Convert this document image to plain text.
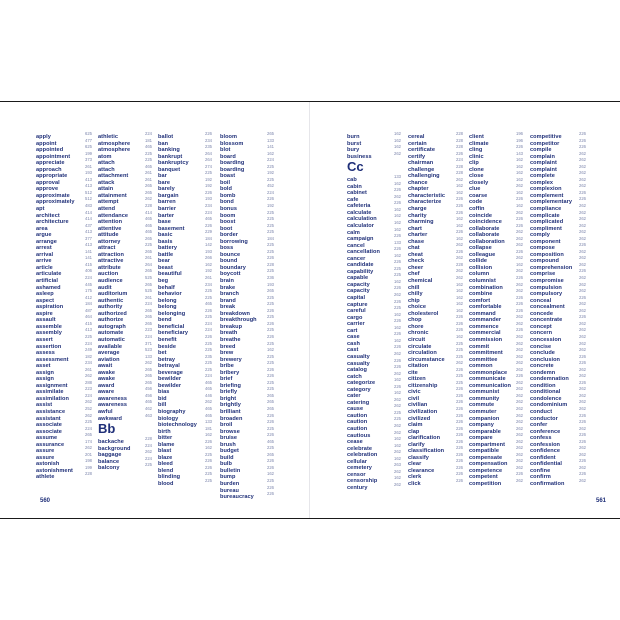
apply
625
appoint
477
appointed
625
appointment
199
appreciate
373
approach
261
appropriate
193
approval
413
approve
413
approximate
512
approximately
512
apt
483
architect
414
architecture
414
area
437
argue
413
arrange
377
arrest
413
arrival
141
arrive
141
article
415
articulate
406
artificial
224
ashamed
445
asleep
175
aspect
412
aspiration
184
aspire
487
assault
464
assemble
415
assembly
413
assert
225
assertion
224
assess
249
assessment
182
asset
234
assign
261
assign
262
assignment
288
assimilate
223
assimilation
224
assist
262
assistance
252
assistant
262
associate
225
associate
224
assume
265
assurance
174
assure
262
assure
201
astonish
198
astonishment
199
athlete
228
athletic
224
atmosphere
181
atmosphere
465
atom
225
attach
225
attach
465
attachment
261
attack
261
attain
265
attainment
265
attempt
262
attend
228
attendance
414
attention
465
attentive
465
attitude
465
attorney
265
attract
225
attraction
265
attractive
261
attribute
264
auction
265
audience
525
audit
265
auditorium
525
authentic
261
authority
224
authorized
265
authorize
265
autograph
265
automate
223
automatic
224
available
371
average
523
aviation
133
await
262
awake
265
awake
265
award
265
aware
456
awareness
456
awareness
465
awful
462
awkward
463
Bb
backache
228
background
224
baggage
262
balance
224
balcony
225
ballot
226
ban
234
banking
235
bankrupt
264
bankruptcy
264
banquet
274
bar
225
bare
192
barely
192
bargain
226
barren
193
barrier
234
barter
224
base
465
basement
226
basic
229
basis
184
battery
142
battle
193
bear
266
beast
162
beautiful
192
beg
261
behalf
234
behavior
225
belong
225
belong
465
belonging
226
bend
225
beneficial
224
beneficiary
224
benefit
226
beside
225
bet
225
betray
235
betrayal
225
beverage
225
bewilder
224
bewilder
465
bias
465
bid
446
bill
262
biography
465
biology
465
biotechnology
133
birth
181
bitter
162
blame
226
blast
162
blaze
225
bleed
226
blend
226
blinding
225
blood
225
bloom
265
blossom
133
blot
141
board
162
boarding
224
boarding
225
boast
192
boil
225
bold
452
bomb
224
bond
226
bonus
192
boom
225
boost
225
boot
225
border
225
borrowing
184
boss
225
bounce
225
bound
226
boundary
228
boycott
225
brain
236
brake
193
branch
265
brand
225
break
225
breakdown
226
breakthrough
225
breakup
226
breath
225
breathe
226
breed
225
brew
162
brewery
225
bribe
225
bribery
226
brief
226
briefing
225
briefly
225
bright
265
brightly
265
brilliant
265
broaden
226
broil
226
browse
225
bruise
226
brush
465
budget
225
build
265
bulb
226
bulletin
226
bump
162
burden
225
bureau
226
bureaucracy
226
burn
162
burst
162
bury
162
business
262
Cc
cab
133
cabin
162
cabinet
226
cafe
262
cafeteria
226
calculate
162
calculation
162
calculator
162
calm
162
campaign
226
cancel
133
cancellation
226
cancer
162
candidate
226
capability
225
capable
225
capacity
162
capacity
226
capital
262
capture
226
careful
225
cargo
162
carrier
226
cart
162
case
226
cash
162
cast
226
casualty
262
casualty
226
catalog
226
catch
262
categorize
162
category
226
cater
162
catering
262
cause
262
caution
225
caution
225
caution
262
cautious
262
cease
162
celebrate
162
celebration
262
cellular
162
cemetery
263
censor
262
censorship
162
century
262
cereal
228
certain
228
certificate
228
certify
226
chairman
224
challenge
228
challenging
228
chance
262
chapter
162
characteristic
162
characterize
226
charge
226
charity
226
charming
162
chart
162
charter
226
chase
162
chat
262
cheat
226
check
262
cheer
228
chef
262
chemical
262
chill
162
chilly
162
chip
162
choice
162
cholesterol
162
chop
226
chore
226
chronic
226
circuit
162
circulate
225
circulation
225
circumstance
225
citation
262
cite
226
citizen
225
citizenship
225
civic
226
civil
226
civilian
226
civilization
226
civilized
226
claim
226
clap
226
clarification
226
clarify
226
classification
226
classify
226
clear
226
clearance
226
clerk
226
click
226
client
196
climate
196
cling
226
clinic
143
clip
162
clone
162
close
162
closely
162
clue
262
coarse
162
code
226
coffin
162
coincide
262
coincidence
226
collaborate
226
collaborate
262
collaboration
262
collapse
262
colleague
226
collide
262
collision
162
column
262
columnist
226
combination
262
combine
262
comfort
226
comfortable
226
command
226
commander
262
commence
262
commercial
226
commission
262
commit
262
commitment
262
committee
262
common
262
commonplace
262
communicate
226
communication
262
communist
262
community
262
commute
262
commuter
262
companion
262
company
262
comparable
262
compare
262
compartment
262
compatible
262
compensate
262
compensation
262
competence
262
competent
226
competition
262
competitive
226
competitor
226
compile
226
complain
262
complaint
262
complaint
262
complete
262
complex
262
complexion
262
complement
226
complementary
226
compliance
262
complicate
262
complicated
262
compliment
262
comply
262
component
262
compose
226
composition
262
compound
262
comprehension
262
comprise
226
compromise
262
compulsion
262
compulsory
262
conceal
226
concealment
262
concede
262
concentrate
226
concept
262
concern
262
concession
262
concise
262
conclude
262
conclusion
226
concrete
226
condemn
262
condemnation
262
condition
226
conditional
262
condolence
262
condominium
262
conduct
262
conductor
226
confer
226
conference
262
confess
226
confession
226
confidence
262
confident
262
confidential
226
confine
262
confirm
226
confirmation
262
560	561
